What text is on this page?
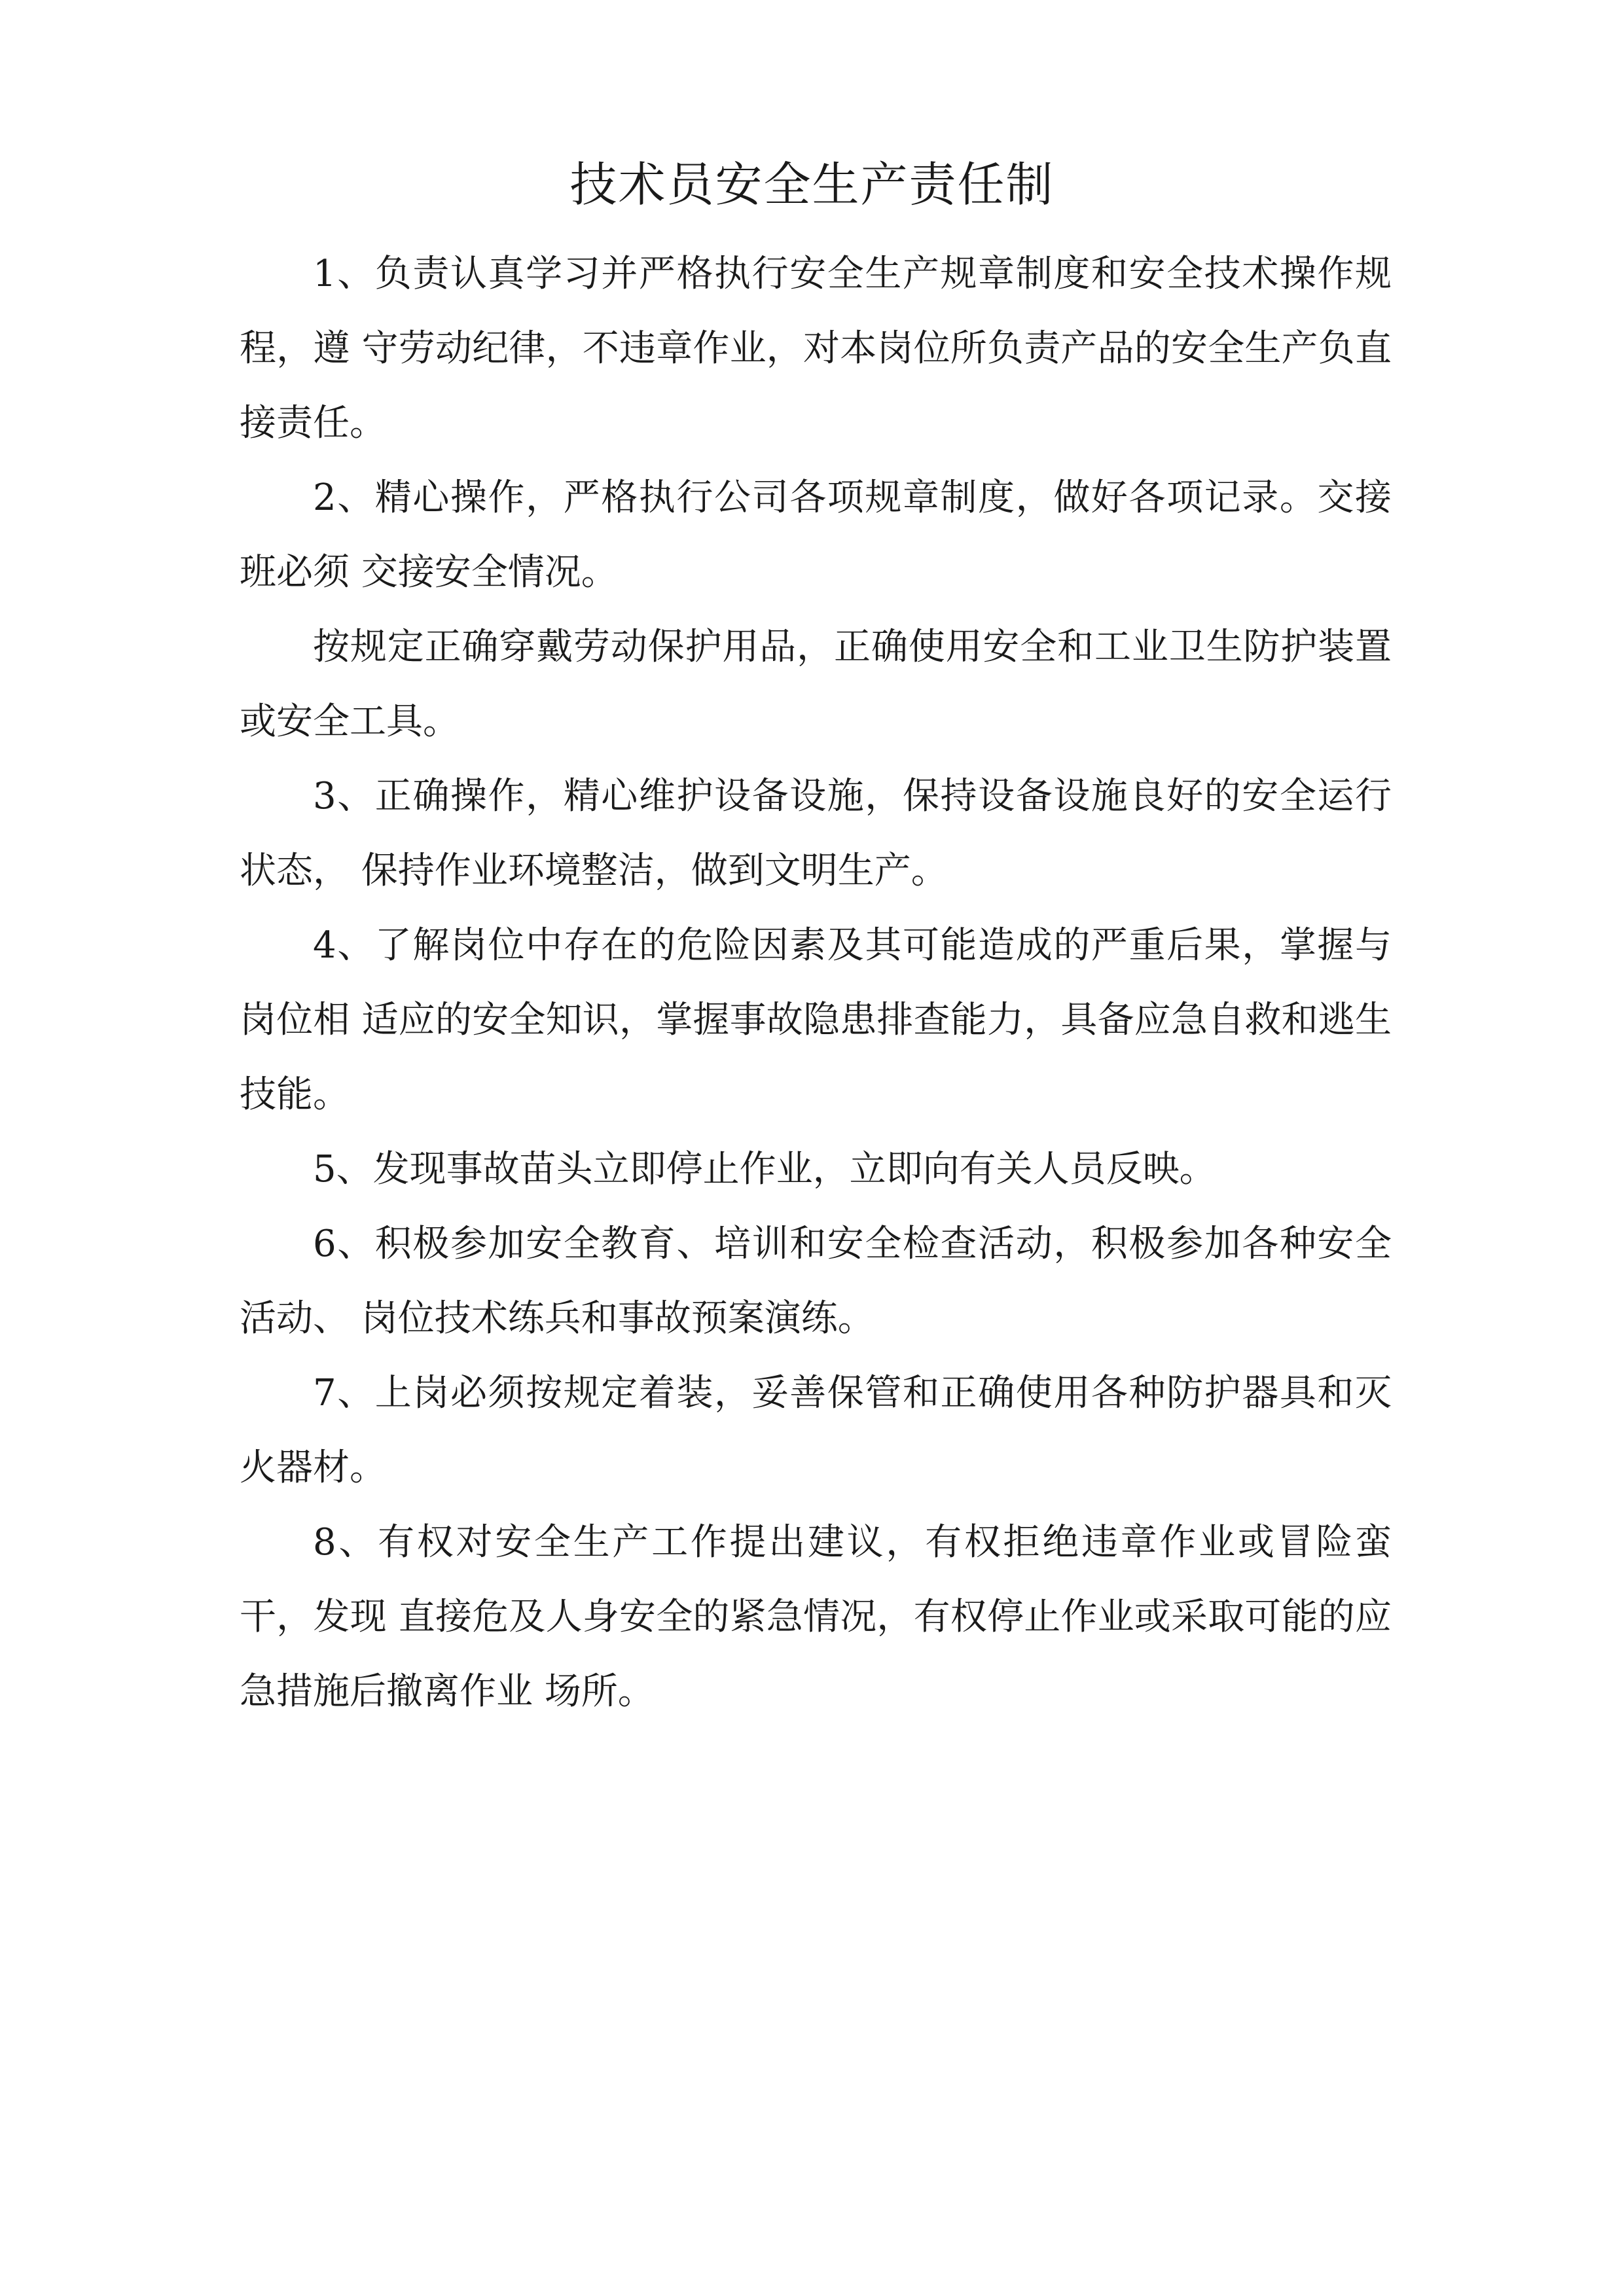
技术员安全生产责任制

1、负责认真学习并严格执行安全生产规章制度和安全技术操作规程，遵 守劳动纪律，不违章作业，对本岗位所负责产品的安全生产负直接责任。

2、精心操作，严格执行公司各项规章制度，做好各项记录。交接班必须 交接安全情况。

按规定正确穿戴劳动保护用品，正确使用安全和工业卫生防护装置或安全工具。

3、正确操作，精心维护设备设施，保持设备设施良好的安全运行状态， 保持作业环境整洁，做到文明生产。

4、了解岗位中存在的危险因素及其可能造成的严重后果，掌握与岗位相 适应的安全知识，掌握事故隐患排查能力，具备应急自救和逃生技能。

5、发现事故苗头立即停止作业，立即向有关人员反映。

6、积极参加安全教育、培训和安全检查活动，积极参加各种安全活动、 岗位技术练兵和事故预案演练。

7、上岗必须按规定着装，妥善保管和正确使用各种防护器具和灭火器材。

8、有权对安全生产工作提出建议，有权拒绝违章作业或冒险蛮干，发现 直接危及人身安全的紧急情况，有权停止作业或采取可能的应急措施后撤离作业 场所。
